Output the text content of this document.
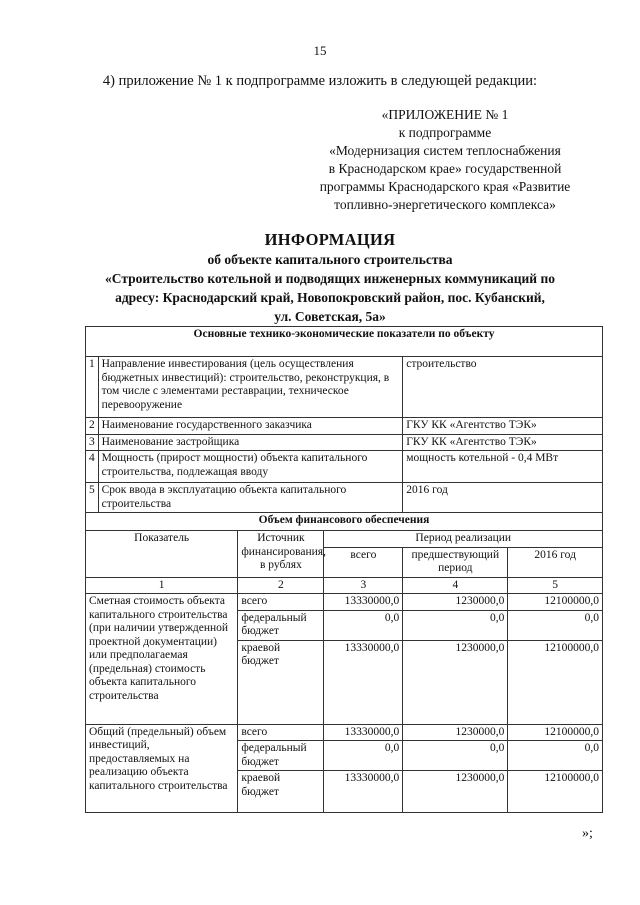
15
4) приложение № 1 к подпрограмме изложить в следующей редакции:
«ПРИЛОЖЕНИЕ № 1
к подпрограмме
«Модернизация систем теплоснабжения
в Краснодарском крае» государственной
программы Краснодарского края «Развитие
топливно-энергетического комплекса»
ИНФОРМАЦИЯ
об объекте капитального строительства
«Строительство котельной и подводящих инженерных коммуникаций по
адресу: Краснодарский край, Новопокровский район, пос. Кубанский,
ул. Советская, 5а»
Основные технико-экономические показатели по объекту					
1	Направление инвестирования (цель осуществления бюджетных инвестиций): строительство, реконструкция, в том числе с элементами реставрации, техническое перевооружение			строительство	
2	Наименование государственного заказчика			ГКУ КК «Агентство ТЭК»	
3	Наименование застройщика			ГКУ КК «Агентство ТЭК»	
4	Мощность (прирост мощности) объекта капитального строительства, подлежащая вводу			мощность котельной - 0,4 МВт	
5	Срок ввода в эксплуатацию объекта капитального строительства			2016 год	
Объем финансового обеспечения					
Показатель		Источник финансирования, в рублях	Период реализации		
			всего	предшествующий период	2016 год
1		2	3	4	5
Сметная стоимость объекта капитального строительства (при наличии утвержденной проектной документации) или предполагаемая (предельная) стоимость объекта капитального строительства		всего	13330000,0	1230000,0	12100000,0
		федеральный бюджет	0,0	0,0	0,0
		краевой бюджет	13330000,0	1230000,0	12100000,0
Общий (предельный) объем инвестиций, предоставляемых на реализацию объекта капитального строительства		всего	13330000,0	1230000,0	12100000,0
		федеральный бюджет	0,0	0,0	0,0
		краевой бюджет	13330000,0	1230000,0	12100000,0
»;
